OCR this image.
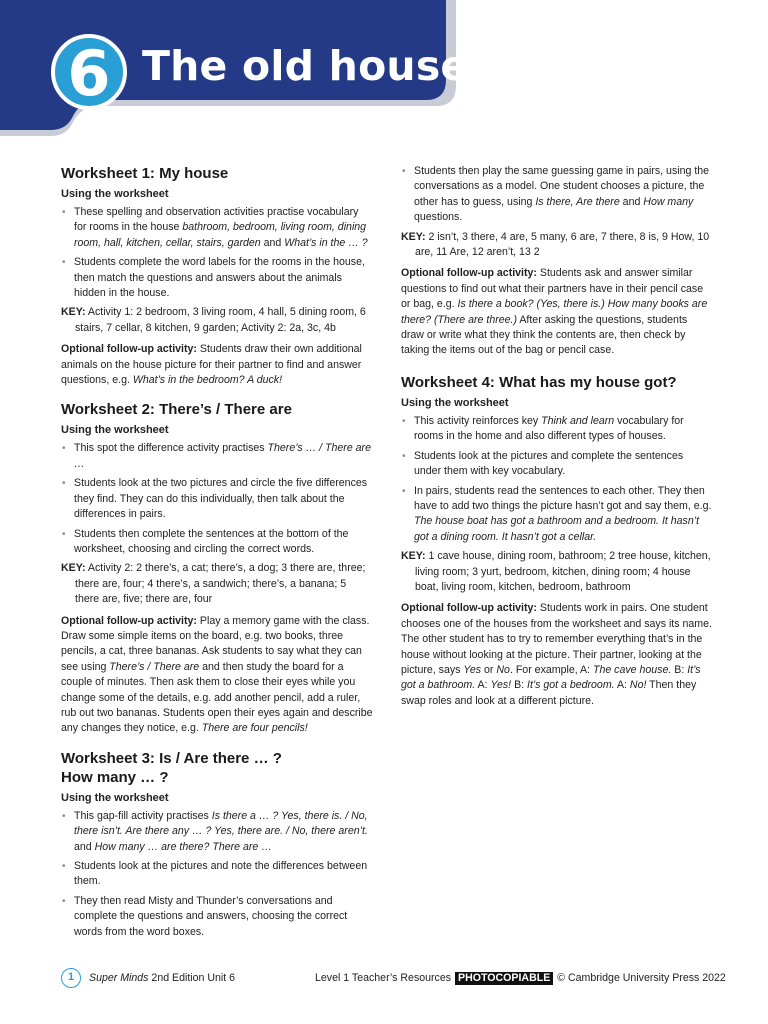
6 The old house
Worksheet 1: My house
Using the worksheet
• These spelling and observation activities practise vocabulary for rooms in the house bathroom, bedroom, living room, dining room, hall, kitchen, cellar, stairs, garden and What’s in the … ?
• Students complete the word labels for the rooms in the house, then match the questions and answers about the animals hidden in the house.

KEY: Activity 1: 2 bedroom, 3 living room, 4 hall, 5 dining room, 6 stairs, 7 cellar, 8 kitchen, 9 garden; Activity 2: 2a, 3c, 4b

Optional follow-up activity: Students draw their own additional animals on the house picture for their partner to find and answer questions, e.g. What’s in the bedroom? A duck!

Worksheet 2: There’s / There are
Using the worksheet
• This spot the difference activity practises There’s … / There are …
• Students look at the two pictures and circle the five differences they find. They can do this individually, then talk about the differences in pairs.
• Students then complete the sentences at the bottom of the worksheet, choosing and circling the correct words.

KEY: Activity 2: 2 there’s, a cat; there’s, a dog; 3 there are, three; there are, four; 4 there’s, a sandwich; there’s, a banana; 5 there are, five; there are, four

Optional follow-up activity: Play a memory game with the class. Draw some simple items on the board, e.g. two books, three pencils, a cat, three bananas. Ask students to say what they can see using There’s / There are and then study the board for a couple of minutes. Then ask them to close their eyes while you change some of the details, e.g. add another pencil, add a ruler, rub out two bananas. Students open their eyes again and describe any changes they notice, e.g. There are four pencils!

Worksheet 3: Is / Are there … ?
How many … ?
Using the worksheet
• This gap-fill activity practises Is there a … ? Yes, there is. / No, there isn’t. Are there any … ? Yes, there are. / No, there aren’t. and How many … are there? There are …
• Students look at the pictures and note the differences between them.
• They then read Misty and Thunder’s conversations and complete the questions and answers, choosing the correct words from the word boxes.
• Students then play the same guessing game in pairs, using the conversations as a model. One student chooses a picture, the other has to guess, using Is there, Are there and How many questions.

KEY: 2 isn’t, 3 there, 4 are, 5 many, 6 are, 7 there, 8 is, 9 How, 10 are, 11 Are, 12 aren’t, 13 2

Optional follow-up activity: Students ask and answer similar questions to find out what their partners have in their pencil case or bag, e.g. Is there a book? (Yes, there is.) How many books are there? (There are three.) After asking the questions, students draw or write what they think the contents are, then check by taking the items out of the bag or pencil case.

Worksheet 4: What has my house got?
Using the worksheet
• This activity reinforces key Think and learn vocabulary for rooms in the home and also different types of houses.
• Students look at the pictures and complete the sentences under them with key vocabulary.
• In pairs, students read the sentences to each other. They then have to add two things the picture hasn’t got and say them, e.g. The house boat has got a bathroom and a bedroom. It hasn’t got a dining room. It hasn’t got a cellar.

KEY: 1 cave house, dining room, bathroom; 2 tree house, kitchen, living room; 3 yurt, bedroom, kitchen, dining room; 4 house boat, living room, kitchen, bedroom, bathroom

Optional follow-up activity: Students work in pairs. One student chooses one of the houses from the worksheet and says its name. The other student has to try to remember everything that’s in the house without looking at the picture. Their partner, looking at the picture, says Yes or No. For example, A: The cave house. B: It’s got a bathroom. A: Yes! B: It’s got a bedroom. A: No! Then they swap roles and look at a different picture.

1	Super Minds 2nd Edition Unit 6	Level 1 Teacher’s Resources PHOTOCOPIABLE © Cambridge University Press 2022
